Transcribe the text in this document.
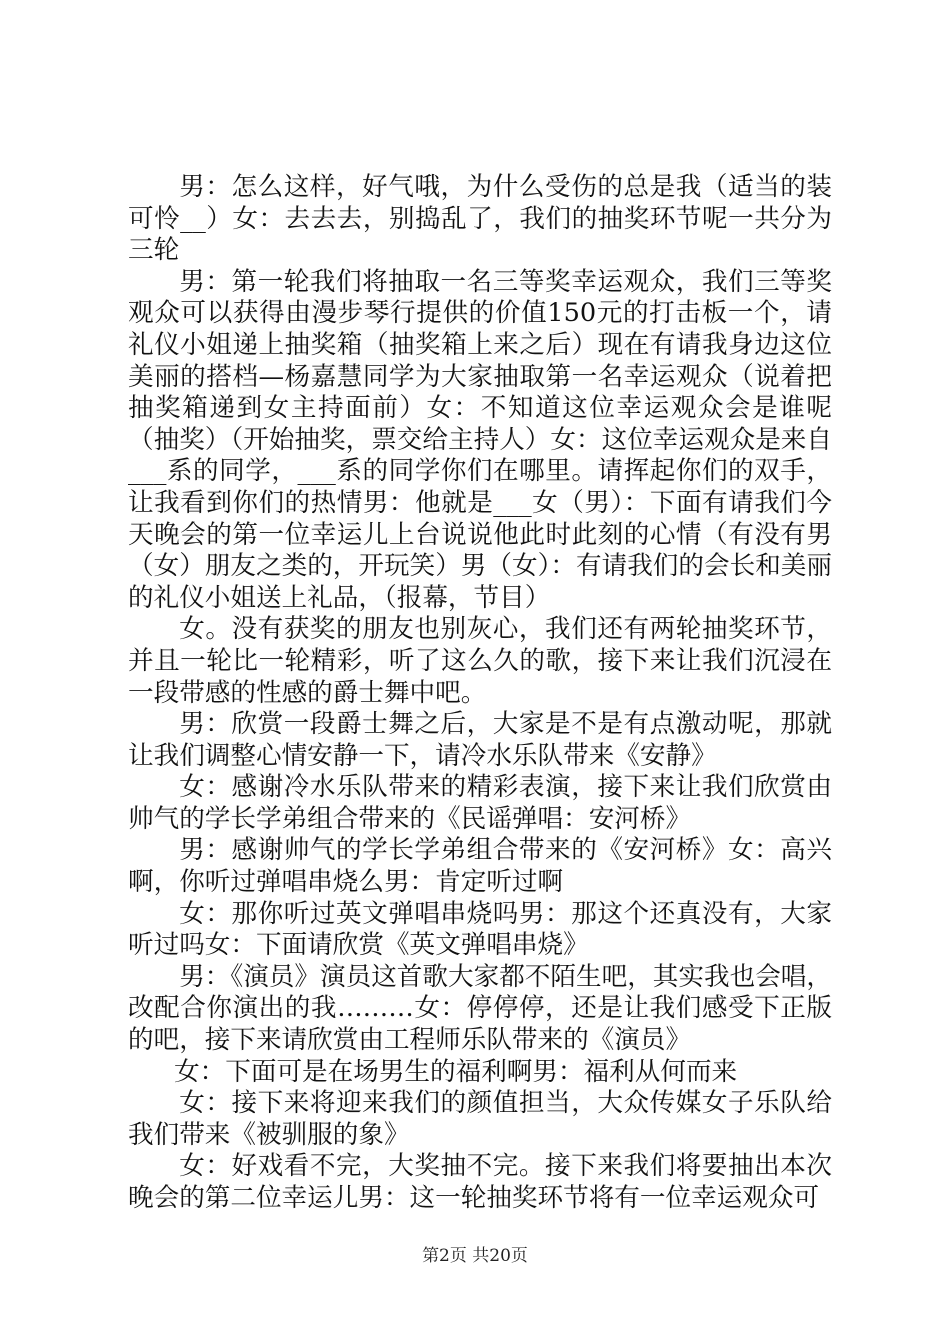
男：怎么这样，好气哦，为什么受伤的总是我（适当的装可怜__）女：去去去，别捣乱了，我们的抽奖环节呢一共分为三轮

男：第一轮我们将抽取一名三等奖幸运观众，我们三等奖观众可以获得由漫步琴行提供的价值150元的打击板一个，请礼仪小姐递上抽奖箱（抽奖箱上来之后）现在有请我身边这位美丽的搭档—杨嘉慧同学为大家抽取第一名幸运观众（说着把抽奖箱递到女主持面前）女：不知道这位幸运观众会是谁呢（抽奖）（开始抽奖，票交给主持人）女：这位幸运观众是来自___系的同学，___系的同学你们在哪里。请挥起你们的双手，让我看到你们的热情男：他就是___女（男）：下面有请我们今天晚会的第一位幸运儿上台说说他此时此刻的心情（有没有男（女）朋友之类的，开玩笑）男（女）：有请我们的会长和美丽的礼仪小姐送上礼品，（报幕，节目）

女。没有获奖的朋友也别灰心，我们还有两轮抽奖环节，并且一轮比一轮精彩，听了这么久的歌，接下来让我们沉浸在一段带感的性感的爵士舞中吧。

男：欣赏一段爵士舞之后，大家是不是有点激动呢，那就让我们调整心情安静一下，请冷水乐队带来《安静》

女：感谢冷水乐队带来的精彩表演，接下来让我们欣赏由帅气的学长学弟组合带来的《民谣弹唱：安河桥》

男：感谢帅气的学长学弟组合带来的《安河桥》女：高兴啊，你听过弹唱串烧么男：肯定听过啊

女：那你听过英文弹唱串烧吗男：那这个还真没有，大家听过吗女：下面请欣赏《英文弹唱串烧》

男：《演员》演员这首歌大家都不陌生吧，其实我也会唱，改配合你演出的我………女：停停停，还是让我们感受下正版的吧，接下来请欣赏由工程师乐队带来的《演员》

女：下面可是在场男生的福利啊男：福利从何而来

女：接下来将迎来我们的颜值担当，大众传媒女子乐队给我们带来《被驯服的象》

女：好戏看不完，大奖抽不完。接下来我们将要抽出本次晚会的第二位幸运儿男：这一轮抽奖环节将有一位幸运观众可

第2页 共20页
